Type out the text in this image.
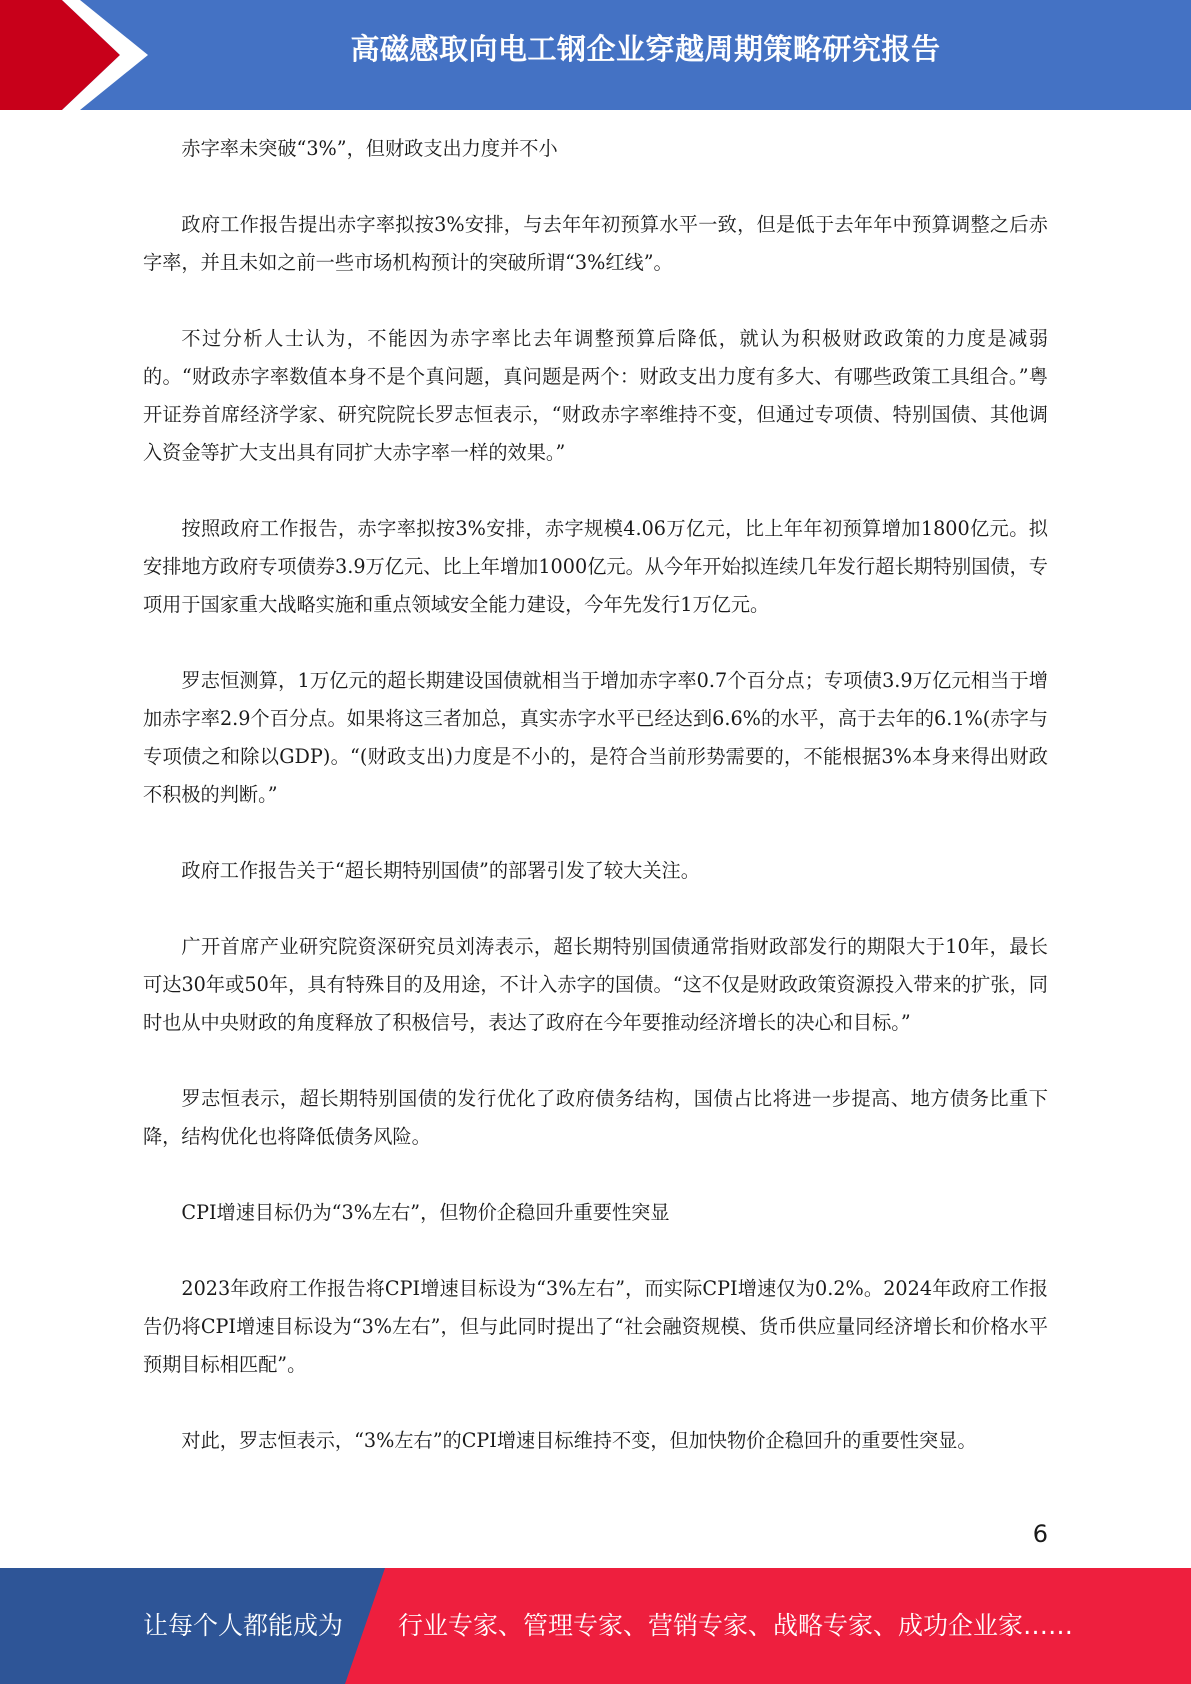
高磁感取向电工钢企业穿越周期策略研究报告

赤字率未突破“3%”，但财政支出力度并不小

政府工作报告提出赤字率拟按3%安排，与去年年初预算水平一致，但是低于去年年中预算调整之后赤字率，并且未如之前一些市场机构预计的突破所谓“3%红线”。

不过分析人士认为，不能因为赤字率比去年调整预算后降低，就认为积极财政政策的力度是减弱的。“财政赤字率数值本身不是个真问题，真问题是两个：财政支出力度有多大、有哪些政策工具组合。”粤开证券首席经济学家、研究院院长罗志恒表示，“财政赤字率维持不变，但通过专项债、特别国债、其他调入资金等扩大支出具有同扩大赤字率一样的效果。”

按照政府工作报告，赤字率拟按3%安排，赤字规模4.06万亿元，比上年年初预算增加1800亿元。拟安排地方政府专项债券3.9万亿元、比上年增加1000亿元。从今年开始拟连续几年发行超长期特别国债，专项用于国家重大战略实施和重点领域安全能力建设，今年先发行1万亿元。

罗志恒测算，1万亿元的超长期建设国债就相当于增加赤字率0.7个百分点；专项债3.9万亿元相当于增加赤字率2.9个百分点。如果将这三者加总，真实赤字水平已经达到6.6%的水平，高于去年的6.1%(赤字与专项债之和除以GDP)。“(财政支出)力度是不小的，是符合当前形势需要的，不能根据3%本身来得出财政不积极的判断。”

政府工作报告关于“超长期特别国债”的部署引发了较大关注。

广开首席产业研究院资深研究员刘涛表示，超长期特别国债通常指财政部发行的期限大于10年，最长可达30年或50年，具有特殊目的及用途，不计入赤字的国债。“这不仅是财政政策资源投入带来的扩张，同时也从中央财政的角度释放了积极信号，表达了政府在今年要推动经济增长的决心和目标。”

罗志恒表示，超长期特别国债的发行优化了政府债务结构，国债占比将进一步提高、地方债务比重下降，结构优化也将降低债务风险。

CPI增速目标仍为“3%左右”，但物价企稳回升重要性突显

2023年政府工作报告将CPI增速目标设为“3%左右”，而实际CPI增速仅为0.2%。2024年政府工作报告仍将CPI增速目标设为“3%左右”，但与此同时提出了“社会融资规模、货币供应量同经济增长和价格水平预期目标相匹配”。

对此，罗志恒表示，“3%左右”的CPI增速目标维持不变，但加快物价企稳回升的重要性突显。

6
让每个人都能成为 行业专家、管理专家、营销专家、战略专家、成功企业家……
